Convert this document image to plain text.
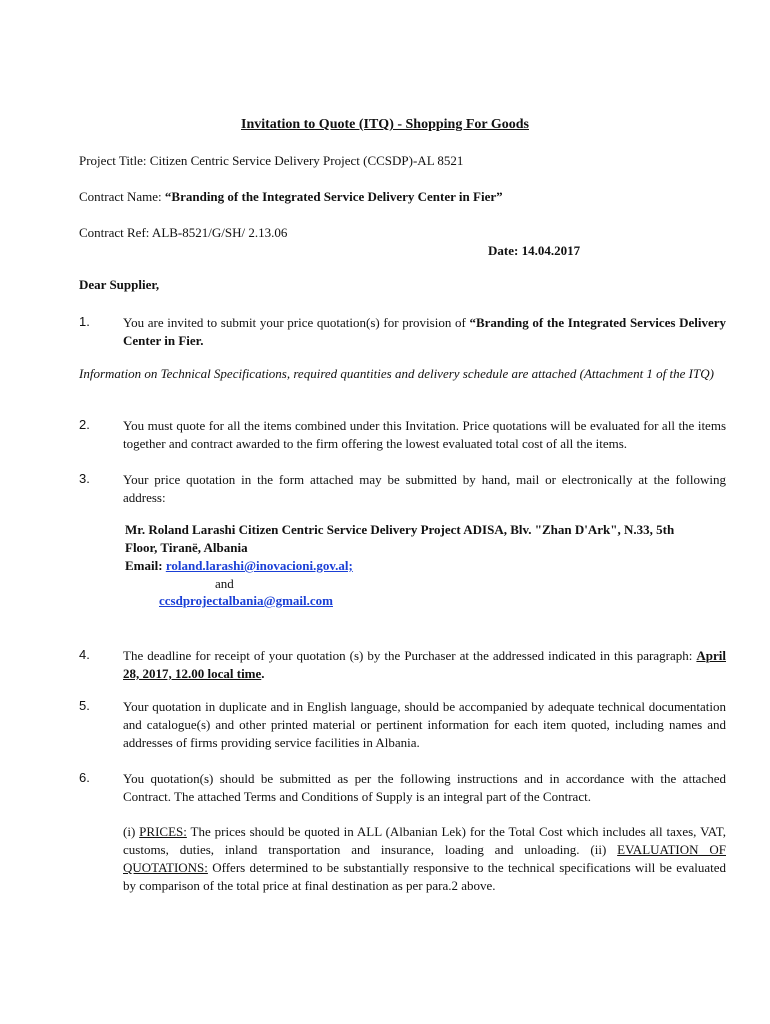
Invitation to Quote (ITQ) - Shopping For Goods
Project Title: Citizen Centric Service Delivery Project (CCSDP)-AL 8521
Contract Name: “Branding of the Integrated Service Delivery Center in Fier”
Contract Ref: ALB-8521/G/SH/ 2.13.06
Date: 14.04.2017
Dear Supplier,
1.	You are invited to submit your price quotation(s) for provision of “Branding of the Integrated Services Delivery Center in Fier.
Information on Technical Specifications, required quantities and delivery schedule are attached (Attachment 1 of the ITQ)
2.	You must quote for all the items combined under this Invitation. Price quotations will be evaluated for all the items together and contract awarded to the firm offering the lowest evaluated total cost of all the items.
3.	Your price quotation in the form attached may be submitted by hand, mail or electronically at the following address:
Mr. Roland Larashi Citizen Centric Service Delivery Project ADISA, Blv. "Zhan D'Ark", N.33, 5th
Floor, Tiranë, Albania
Email: roland.larashi@inovacioni.gov.al;
and
ccsdprojectalbania@gmail.com
4.	The deadline for receipt of your quotation (s) by the Purchaser at the addressed indicated in this paragraph: April 28, 2017, 12.00 local time.
5.	Your quotation in duplicate and in English language, should be accompanied by adequate technical documentation and catalogue(s) and other printed material or pertinent information for each item quoted, including names and addresses of firms providing service facilities in Albania.
6.	You quotation(s) should be submitted as per the following instructions and in accordance with the attached Contract. The attached Terms and Conditions of Supply is an integral part of the Contract.
(i) PRICES: The prices should be quoted in ALL (Albanian Lek) for the Total Cost which includes all taxes, VAT, customs, duties, inland transportation and insurance, loading and unloading. (ii) EVALUATION OF QUOTATIONS: Offers determined to be substantially responsive to the technical specifications will be evaluated by comparison of the total price at final destination as per para.2 above.
